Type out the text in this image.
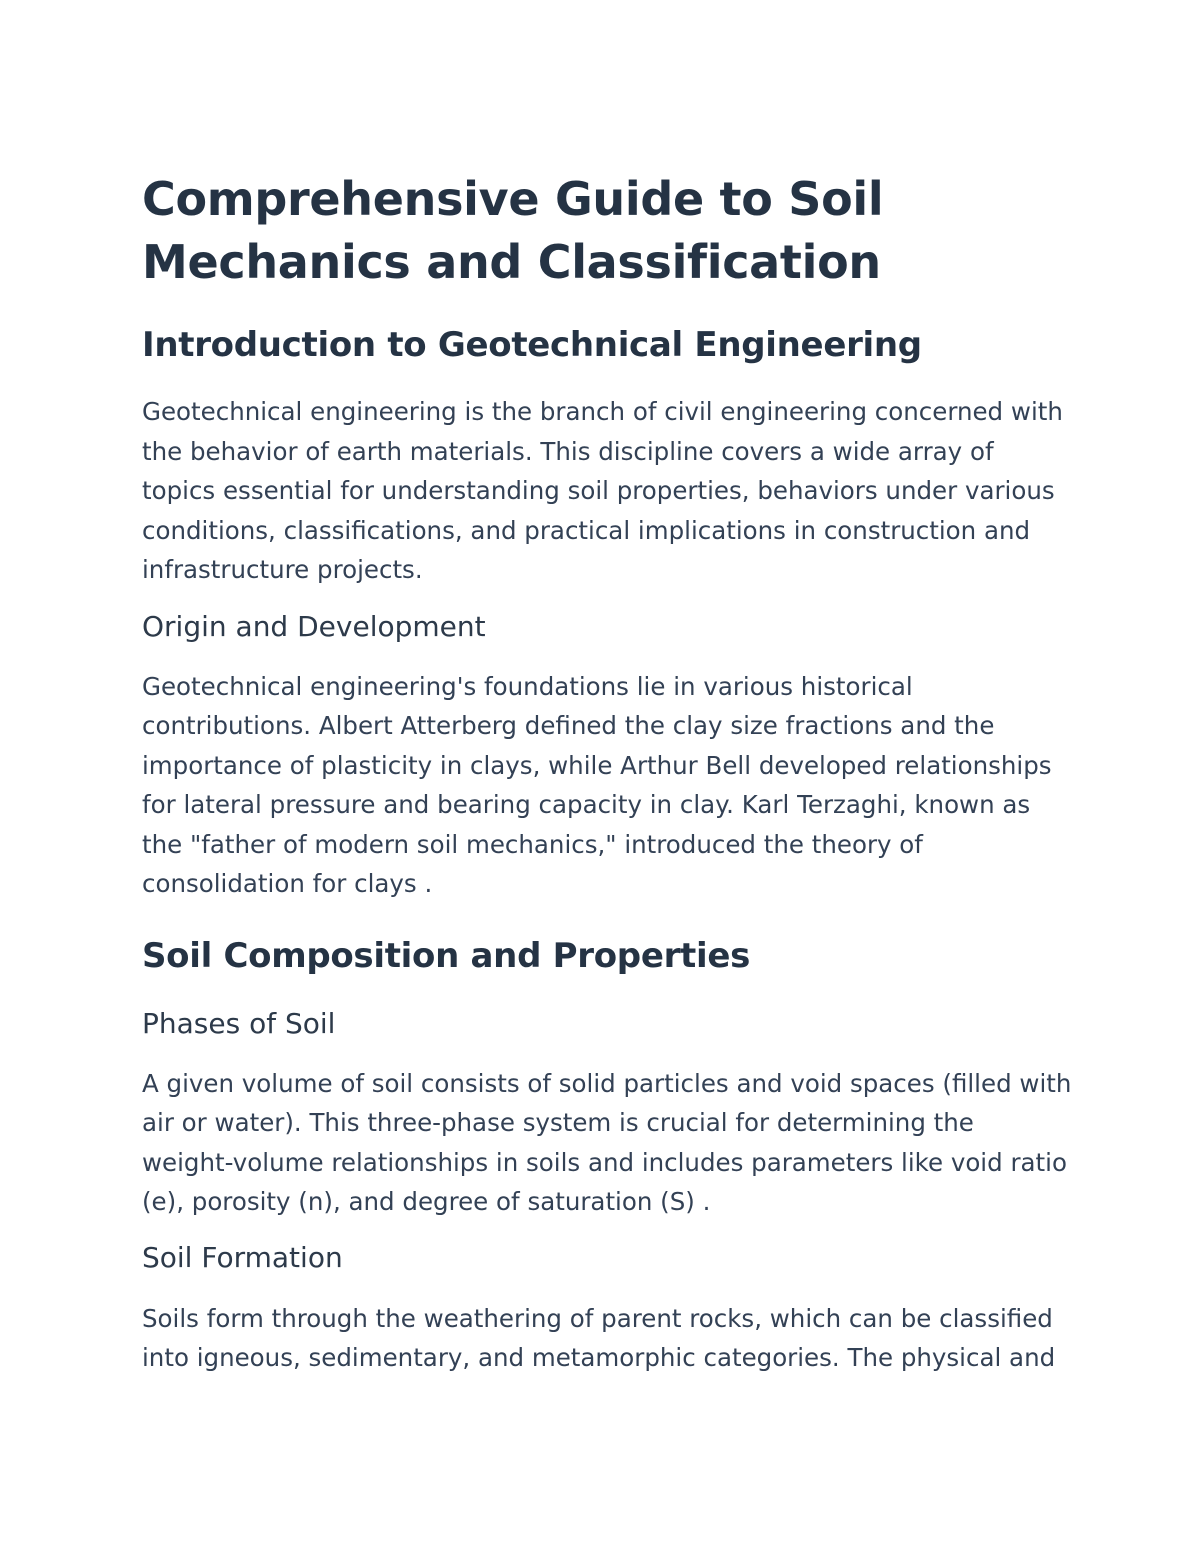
Comprehensive Guide to Soil Mechanics and Classification
Introduction to Geotechnical Engineering

Geotechnical engineering is the branch of civil engineering concerned with the behavior of earth materials. This discipline covers a wide array of topics essential for understanding soil properties, behaviors under various conditions, classifications, and practical implications in construction and infrastructure projects.

Origin and Development

Geotechnical engineering's foundations lie in various historical contributions. Albert Atterberg defined the clay size fractions and the importance of plasticity in clays, while Arthur Bell developed relationships for lateral pressure and bearing capacity in clay. Karl Terzaghi, known as the "father of modern soil mechanics," introduced the theory of consolidation for clays .

Soil Composition and Properties
Phases of Soil

A given volume of soil consists of solid particles and void spaces (filled with air or water). This three-phase system is crucial for determining the weight-volume relationships in soils and includes parameters like void ratio (e), porosity (n), and degree of saturation (S) .

Soil Formation

Soils form through the weathering of parent rocks, which can be classified into igneous, sedimentary, and metamorphic categories. The physical and
